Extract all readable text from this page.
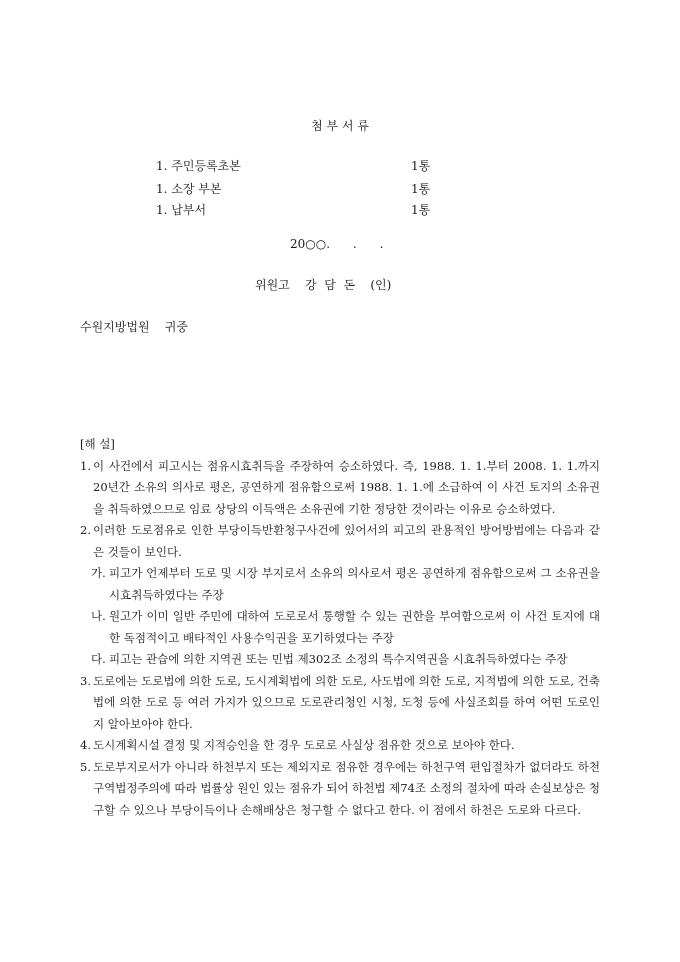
첨 부 서 류
1. 주민등록초본	1통
1. 소장 부본	1통
1. 납부서	1통
20○○.      .      .
위원고    강  담  돈    (인)
수원지방법원    귀중
[해 설]
1. 이 사건에서 피고시는 점유시효취득을 주장하여 승소하였다. 즉, 1988. 1. 1.부터 2008. 1. 1.까지 20년간 소유의 의사로 평온, 공연하게 점유함으로써 1988. 1. 1.에 소급하여 이 사건 토지의 소유권을 취득하였으므로 임료 상당의 이득액은 소유권에 기한 정당한 것이라는 이유로 승소하였다.
2. 이러한 도로점유로 인한 부당이득반환청구사건에 있어서의 피고의 관용적인 방어방법에는 다음과 같은 것들이 보인다.
가. 피고가 언제부터 도로 및 시장 부지로서 소유의 의사로서 평온 공연하게 점유함으로써 그 소유권을 시효취득하였다는 주장
나. 원고가 이미 일반 주민에 대하여 도로로서 통행할 수 있는 권한을 부여함으로써 이 사건 토지에 대한 독점적이고 배타적인 사용수익권을 포기하였다는 주장
다. 피고는 관습에 의한 지역권 또는 민법 제302조 소정의 특수지역권을 시효취득하였다는 주장
3. 도로에는 도로법에 의한 도로, 도시계획법에 의한 도로, 사도법에 의한 도로, 지적법에 의한 도로, 건축법에 의한 도로 등 여러 가지가 있으므로 도로관리청인 시청, 도청 등에 사실조회를 하여 어떤 도로인지 알아보아야 한다.
4. 도시계획시설 결정 및 지적승인을 한 경우 도로로 사실상 점유한 것으로 보아야 한다.
5. 도로부지로서가 아니라 하천부지 또는 제외지로 점유한 경우에는 하천구역 편입절차가 없더라도 하천구역법정주의에 따라 법률상 원인 있는 점유가 되어 하천법 제74조 소정의 절차에 따라 손실보상은 청구할 수 있으나 부당이득이나 손해배상은 청구할 수 없다고 한다. 이 점에서 하천은 도로와 다르다.
